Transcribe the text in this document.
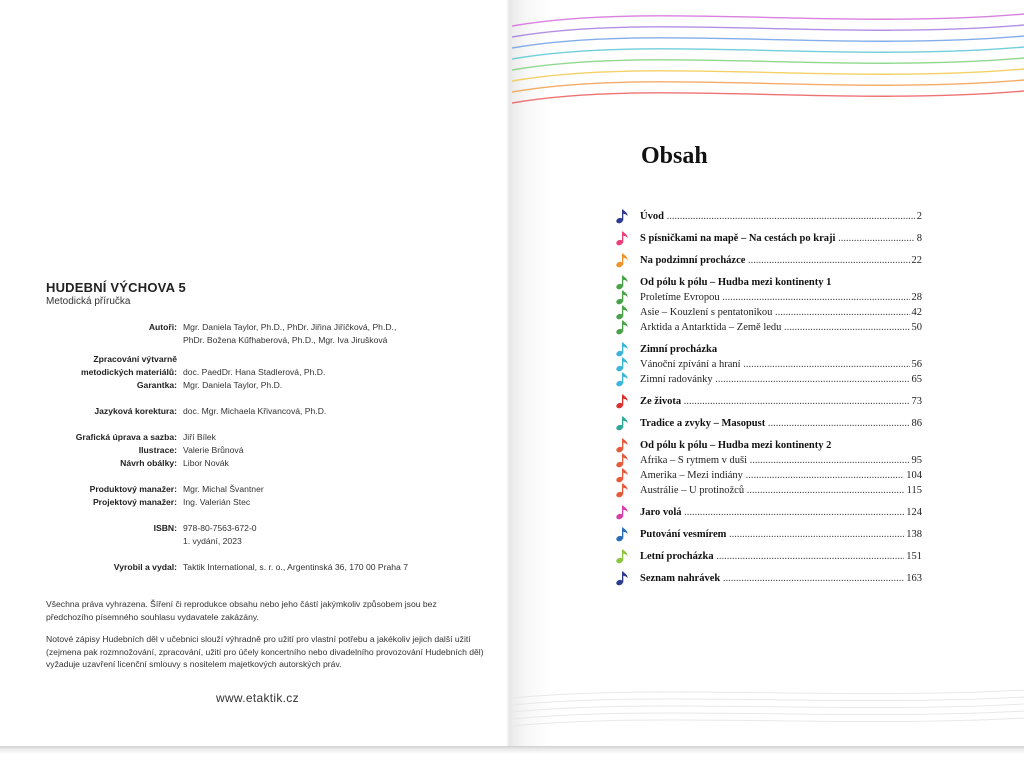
HUDEBNÍ VÝCHOVA 5
Metodická příručka
Autoři: Mgr. Daniela Taylor, Ph.D., PhDr. Jiřina Jiříčková, Ph.D.,
PhDr. Božena Kűfhaberová, Ph.D., Mgr. Iva Jirušková
Zpracování výtvarně
metodických materiálů: doc. PaedDr. Hana Stadlerová, Ph.D.
Garantka: Mgr. Daniela Taylor, Ph.D.
Jazyková korektura: doc. Mgr. Michaela Křivancová, Ph.D.
Grafická úprava a sazba: Jiří Bílek
Ilustrace: Valerie Brůnová
Návrh obálky: Libor Novák
Produktový manažer: Mgr. Michal Švantner
Projektový manažer: Ing. Valerián Stec
ISBN: 978-80-7563-672-0
1. vydání, 2023
Vyrobil a vydal: Taktik International, s. r. o., Argentinská 36, 170 00 Praha 7

Všechna práva vyhrazena. Šíření či reprodukce obsahu nebo jeho částí jakýmkoliv způsobem jsou bez předchozího písemného souhlasu vydavatele zakázány.

Notové zápisy Hudebních děl v učebnici slouží výhradně pro užití pro vlastní potřebu a jakékoliv jejich další užití (zejmena pak rozmnožování, zpracování, užití pro účely koncertního nebo divadelního provozování Hudebních děl) vyžaduje uzavření licenční smlouvy s nositelem majetkových autorských práv.

www.etaktik.cz
Obsah
Úvod .....	2
S písničkami na mapě – Na cestách po kraji .....	8
Na podzimní procházce .....	22
Od pólu k pólu – Hudba mezi kontinenty 1
Proletíme Evropou .....	28
Asie – Kouzlení s pentatonikou .....	42
Arktida a Antarktida – Země ledu .....	50
Zimní procházka
Vánoční zpívání a hraní .....	56
Zimní radovánky .....	65
Ze života .....	73
Tradice a zvyky – Masopust .....	86
Od pólu k pólu – Hudba mezi kontinenty 2
Afrika – S rytmem v duši .....	95
Amerika – Mezi indiány .....	104
Austrálie – U protinožců .....	115
Jaro volá .....	124
Putování vesmírem .....	138
Letní procházka .....	151
Seznam nahrávek .....	163
